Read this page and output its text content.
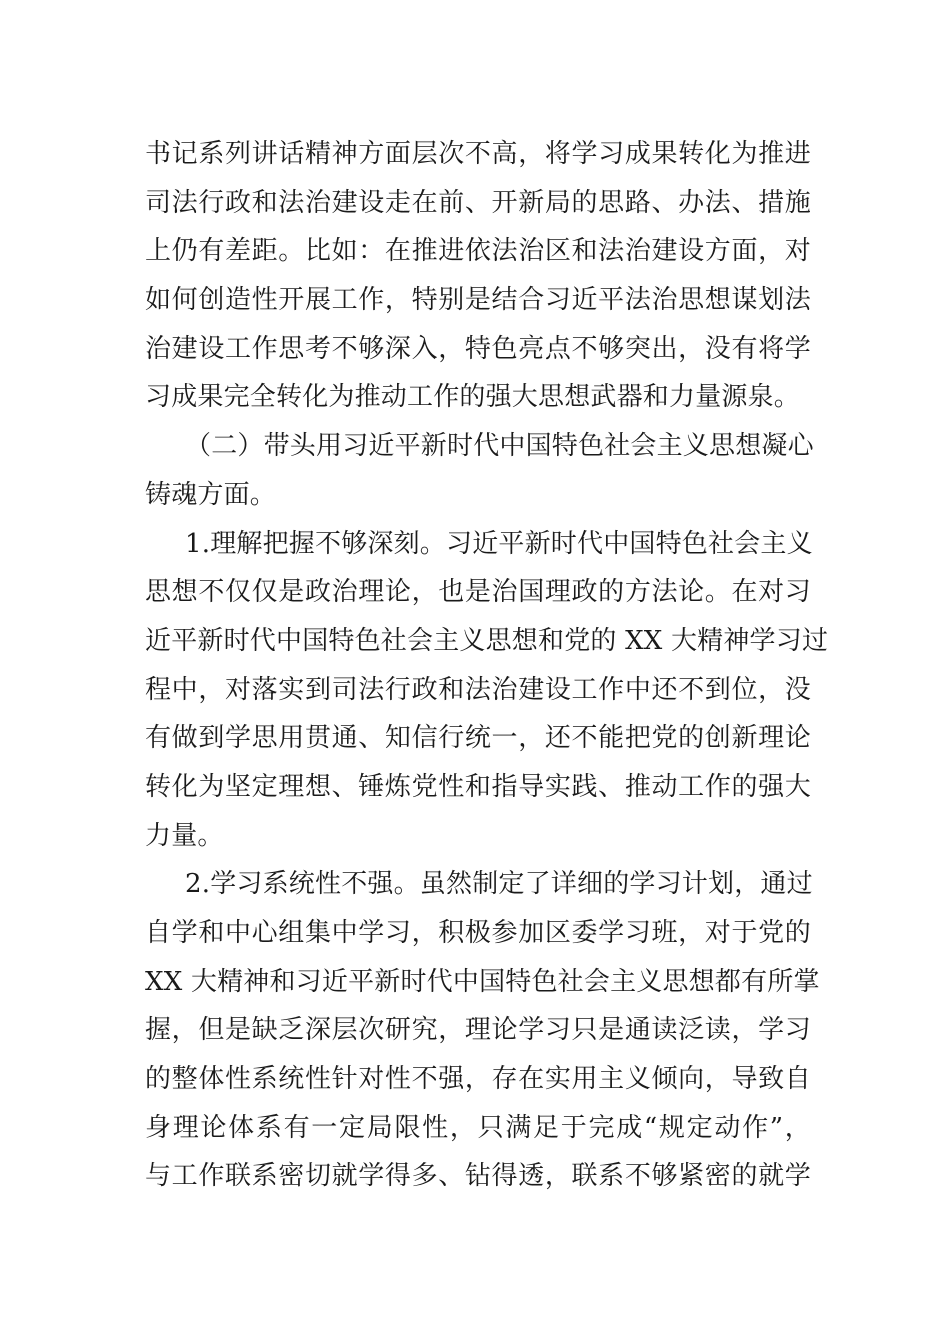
书记系列讲话精神方面层次不高，将学习成果转化为推进
司法行政和法治建设走在前、开新局的思路、办法、措施
上仍有差距。比如：在推进依法治区和法治建设方面，对
如何创造性开展工作，特别是结合习近平法治思想谋划法
治建设工作思考不够深入，特色亮点不够突出，没有将学
习成果完全转化为推动工作的强大思想武器和力量源泉。
（二）带头用习近平新时代中国特色社会主义思想凝心
铸魂方面。
1.理解把握不够深刻。习近平新时代中国特色社会主义
思想不仅仅是政治理论，也是治国理政的方法论。在对习
近平新时代中国特色社会主义思想和党的 XX 大精神学习过
程中，对落实到司法行政和法治建设工作中还不到位，没
有做到学思用贯通、知信行统一，还不能把党的创新理论
转化为坚定理想、锤炼党性和指导实践、推动工作的强大
力量。
2.学习系统性不强。虽然制定了详细的学习计划，通过
自学和中心组集中学习，积极参加区委学习班，对于党的
XX 大精神和习近平新时代中国特色社会主义思想都有所掌
握，但是缺乏深层次研究，理论学习只是通读泛读，学习
的整体性系统性针对性不强，存在实用主义倾向，导致自
身理论体系有一定局限性，只满足于完成“规定动作”，
与工作联系密切就学得多、钻得透，联系不够紧密的就学
